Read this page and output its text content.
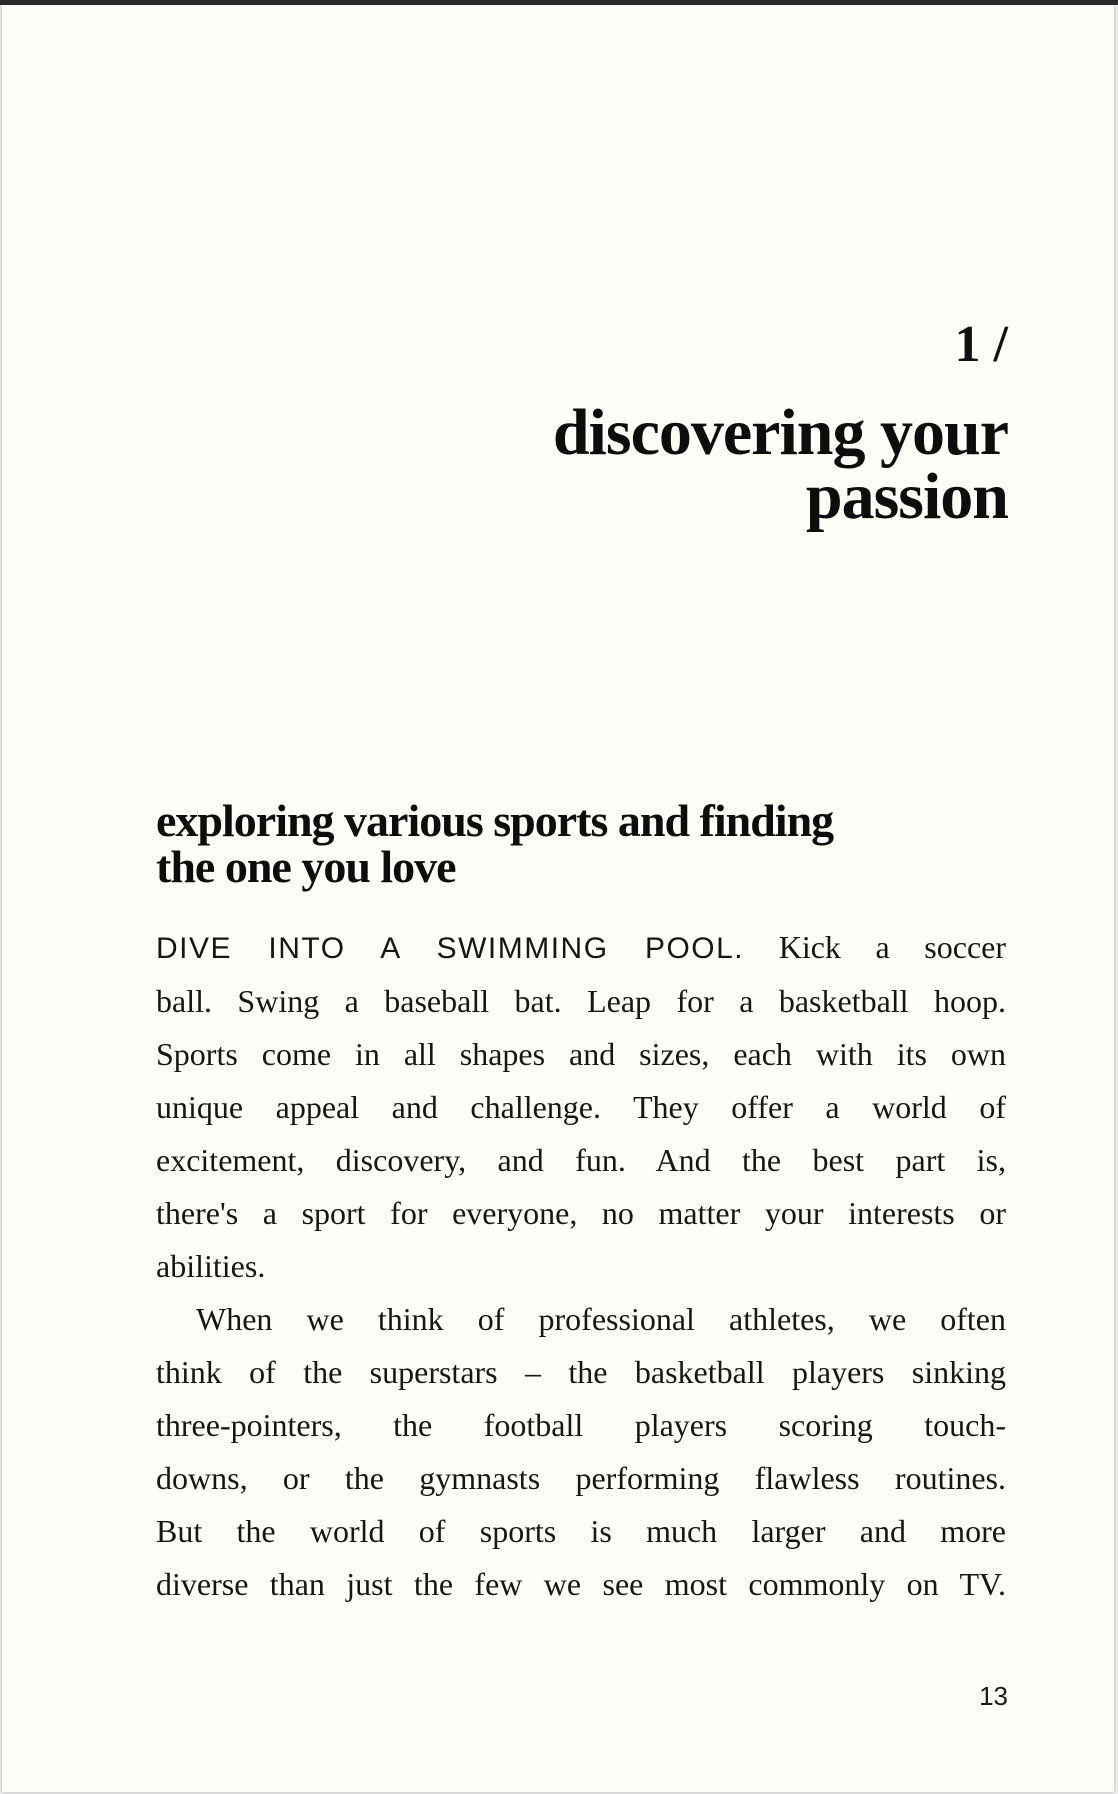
1 /
discovering your
passion
exploring various sports and finding
the one you love
DIVE INTO A SWIMMING POOL. Kick a soccer
ball. Swing a baseball bat. Leap for a basketball hoop.
Sports come in all shapes and sizes, each with its own
unique appeal and challenge. They offer a world of
excitement, discovery, and fun. And the best part is,
there's a sport for everyone, no matter your interests or
abilities.
When we think of professional athletes, we often
think of the superstars – the basketball players sinking
three-pointers, the football players scoring touch-
downs, or the gymnasts performing flawless routines.
But the world of sports is much larger and more
diverse than just the few we see most commonly on TV.
13
